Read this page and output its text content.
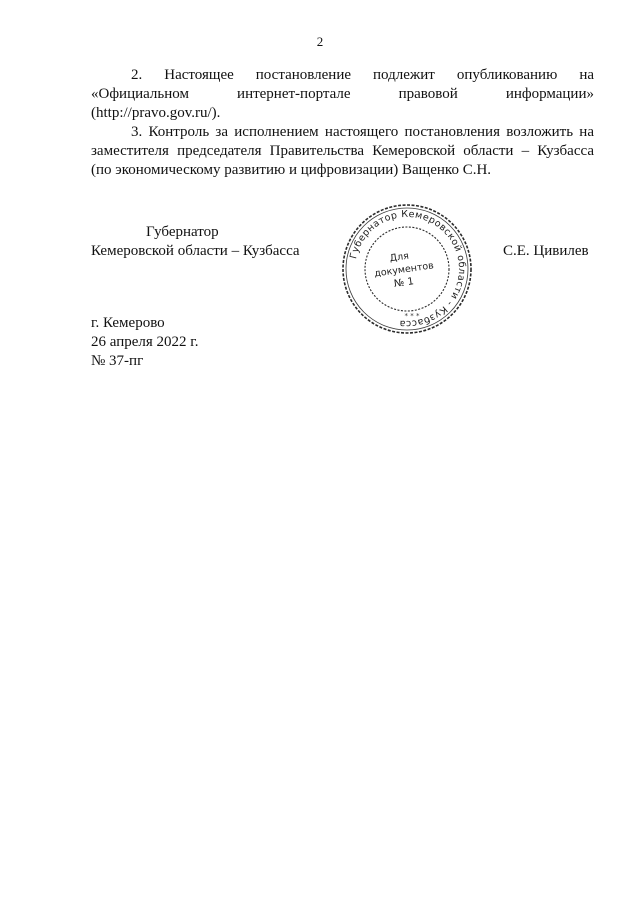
2

2. Настоящее постановление подлежит опубликованию на
«Официальном интернет-портале правовой информации»
(http://pravo.gov.ru/).

3. Контроль за исполнением настоящего постановления возложить на
заместителя председателя Правительства Кемеровской области – Кузбасса
(по экономическому развитию и цифровизации) Ващенко С.Н.

Губернатор
Кемеровской области – Кузбасса	Губернатор Кемеровской области - Кузбасса
Для
документов
№ 1
* * *
С.Е. Цивилев
г. Кемерово
26 апреля 2022 г.
№ 37-пг
